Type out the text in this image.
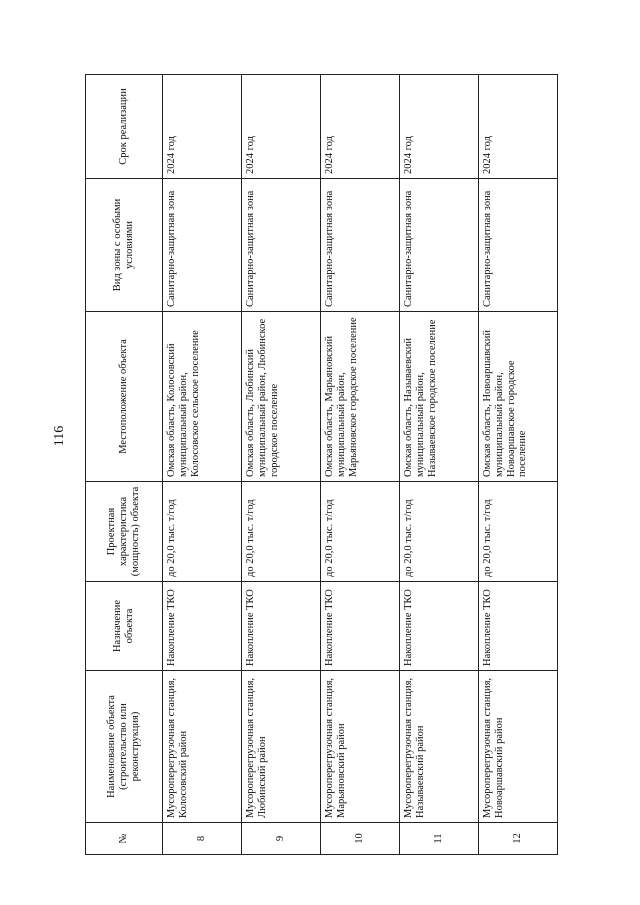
116
№	Наименование объекта (строительство или реконструкция)	Назначение объекта	Проектная характеристика (мощность) объекта	Местоположение объекта	Вид зоны с особыми условиями	Срок реализации
8	Мусороперегрузочная станция, Колосовский район	Накопление ТКО	до 20,0 тыс. т/год	Омская область, Колосовский муниципальный район, Колосовское сельское поселение	Санитарно-защитная зона	2024 год
9	Мусороперегрузочная станция, Любинский район	Накопление ТКО	до 20,0 тыс. т/год	Омская область, Любинский муниципальный район, Любинское городское поселение	Санитарно-защитная зона	2024 год
10	Мусороперегрузочная станция, Марьяновский район	Накопление ТКО	до 20,0 тыс. т/год	Омская область, Марьяновский муниципальный район, Марьяновское городское поселение	Санитарно-защитная зона	2024 год
11	Мусороперегрузочная станция, Называевский район	Накопление ТКО	до 20,0 тыс. т/год	Омская область, Называевский муниципальный район, Называевское городское поселение	Санитарно-защитная зона	2024 год
12	Мусороперегрузочная станция, Новоаршавский район	Накопление ТКО	до 20,0 тыс. т/год	Омская область, Новоаршавский муниципальный район, Новоаршавское городское поселение	Санитарно-защитная зона	2024 год
